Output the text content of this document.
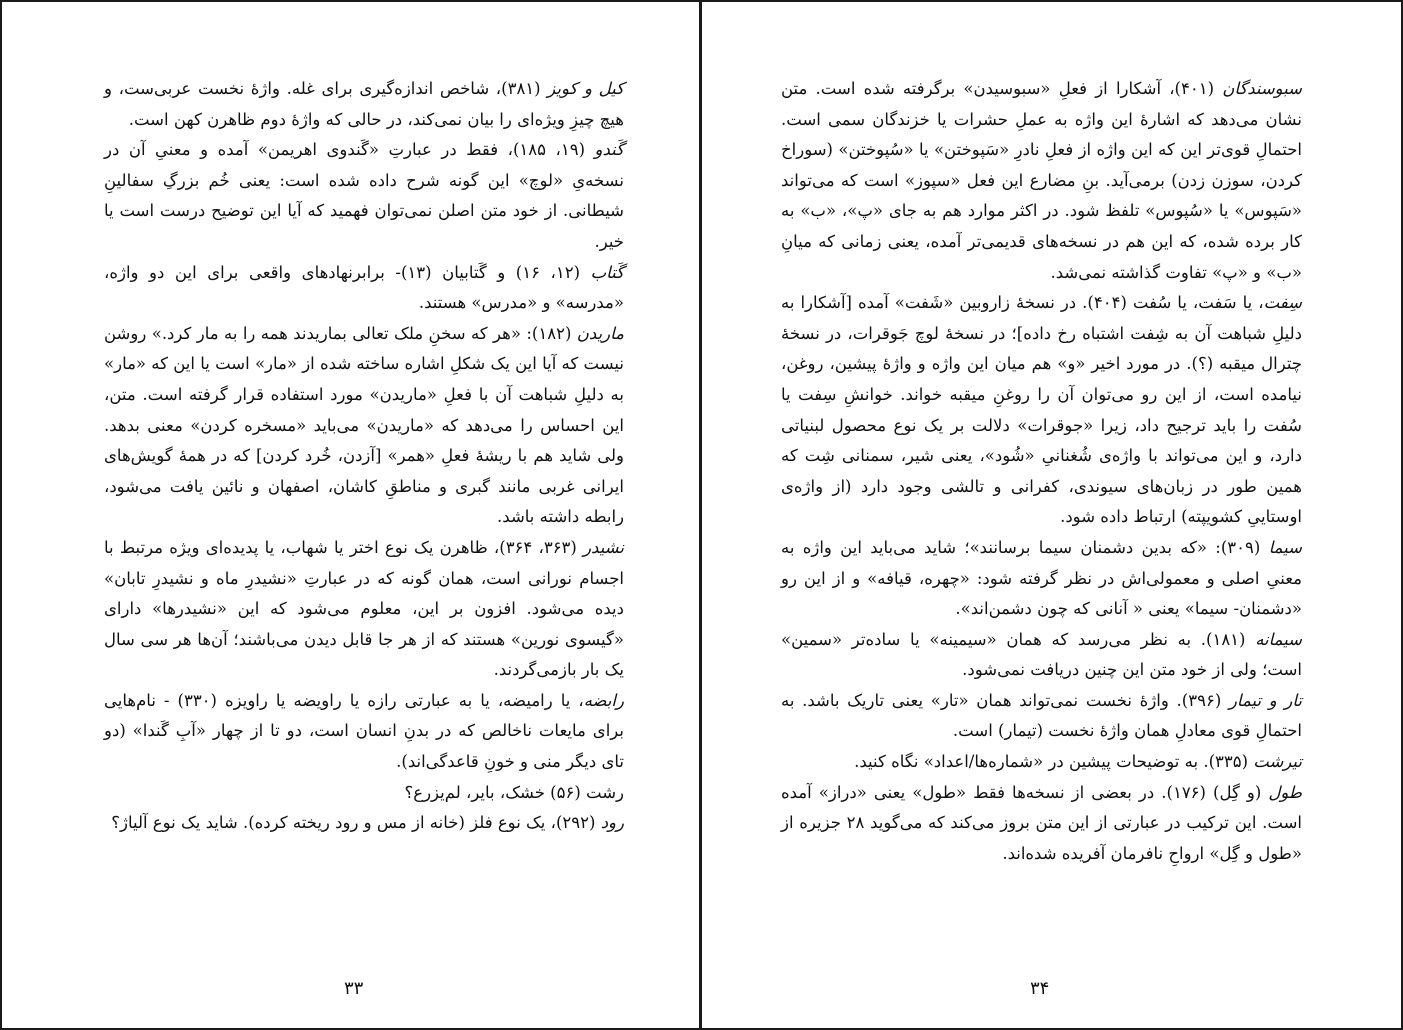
کیل و کویز (۳۸۱)، شاخص اندازه‌گیری برای غله. واژهٔ نخست عربی‌ست، و هیچ چیزِ ویژه‌ای را بیان نمی‌کند، در حالی که واژهٔ دوم ظاهرن کهن است.

گَندو (۱۹، ۱۸۵)، فقط در عبارتِ «گَندوی اهریمن» آمده و معنیِ آن در نسخه‌یِ «لوچ» این گونه شرح داده شده است: یعنی خُم بزرگِ سفالینِ شیطانی. از خود متن اصلن نمی‌توان فهمید که آیا این توضیح درست است یا خیر.

گَتاب (۱۲، ۱۶) و گَتابیان (۱۳)- برابرنهادهای واقعی برای این دو واژه، «مدرسه» و «مدرس» هستند.

ماریدن (۱۸۲): «هر که سخنِ ملک تعالی بماریدند همه را به مار کرد.» روشن نیست که آیا این یک شکلِ اشاره ساخته شده از «مار» است یا این که «مار» به دلیلِ شباهت آن با فعلِ «ماریدن» مورد استفاده قرار گرفته است. متن، این احساس را می‌دهد که «ماریدن» می‌باید «مسخره کردن» معنی بدهد. ولی شاید هم با ریشهٔ فعلِ «همر» [آزدن، خُرد کردن] که در همهٔ گویش‌های ایرانی غربی مانند گبری و مناطقِ کاشان، اصفهان و نائین یافت می‌شود، رابطه داشته باشد.

نشیدر (۳۶۳، ۳۶۴)، ظاهرن یک نوع اختر یا شهاب، یا پدیده‌ای ویژه مرتبط با اجسام نورانی است، همان گونه که در عبارتِ «نشیدرِ ماه و نشیدرِ تابان» دیده می‌شود. افزون بر این، معلوم می‌شود که این «نشیدرها» دارای «گیسوی نورین» هستند که از هر جا قابل دیدن می‌باشند؛ آن‌ها هر سی سال یک بار بازمی‌گردند.

رابضه، یا رامیضه، یا به عبارتی رازه یا راویضه یا راویزه (۳۳۰) - نام‌هایی برای مایعات ناخالص که در بدنِ انسان است، دو تا از چهار «آبِ گَندا» (دو تای دیگر منی و خونِ قاعدگی‌اند).

رشت (۵۶) خشک، بایر، لم‌یزرع؟

رود (۲۹۲)، یک نوع فلز (خانه از مس و رود ریخته کرده). شاید یک نوع آلیاژ؟

۳۳

سبوسندگان (۴۰۱)، آشکارا از فعلِ «سبوسیدن» برگرفته شده است. متن نشان می‌دهد که اشارهٔ این واژه به عملِ حشرات یا خزندگان سمی است. احتمالِ قوی‌تر این که این واژه از فعلِ نادرِ «سَپوختن» یا «سُپوختن» (سوراخ کردن، سوزن زدن) برمی‌آید. بنِ مضارع این فعل «سپوز» است که می‌تواند «سَپوس» یا «سُپوس» تلفظ شود. در اکثر موارد هم به جای «پ»، «ب» به کار برده شده، که این هم در نسخه‌های قدیمی‌تر آمده، یعنی زمانی که میانِ «ب» و «پ» تفاوت گذاشته نمی‌شد.

سِفت، یا سَفت، یا سُفت (۴۰۴). در نسخهٔ زاروبین «شَفت» آمده [آشکارا به دلیلِ شباهت آن به شِفت اشتباه رخ داده]؛ در نسخهٔ لوچ جَوقرات، در نسخهٔ چترال میقبه (؟). در مورد اخیر «و» هم میان این واژه و واژهٔ پیشین، روغن، نیامده است، از این رو می‌توان آن را روغنِ میقبه خواند. خوانشِ سِفت یا سُفت را باید ترجیح داد، زیرا «جوقرات» دلالت بر یک نوع محصول لبنیاتی دارد، و این می‌تواند با واژه‌ی شُغنانیِ «شُود»، یعنی شیر، سمنانی شِت که همین طور در زبان‌های سیوندی، کفرانی و تالشی وجود دارد (از واژه‌ی اوستاییِ کشویپته) ارتباط داده شود.

سیما (۳۰۹): «که بدین دشمنان سیما برسانند»؛ شاید می‌باید این واژه به معنیِ اصلی و معمولی‌اش در نظر گرفته شود: «چهره، قیافه» و از این رو «دشمنان- سیما» یعنی « آنانی که چون دشمن‌اند».

سیمانه (۱۸۱). به نظر می‌رسد که همان «سیمینه» یا ساده‌تر «سمین» است؛ ولی از خود متن این چنین دریافت نمی‌شود.

تار و تیمار (۳۹۶). واژهٔ نخست نمی‌تواند همان «تار» یعنی تاریک باشد. به احتمالِ قوی معادلِ همان واژهٔ نخست (تیمار) است.

تیرشت (۳۳۵). به توضیحات پیشین در «شماره‌ها/اعداد» نگاه کنید.

طول (و گِل) (۱۷۶). در بعضی از نسخه‌ها فقط «طول» یعنی «دراز» آمده است. این ترکیب در عبارتی از این متن بروز می‌کند که می‌گوید ۲۸ جزیره از «طول و گِل» ارواحِ نافرمان آفریده شده‌اند.

۳۴
